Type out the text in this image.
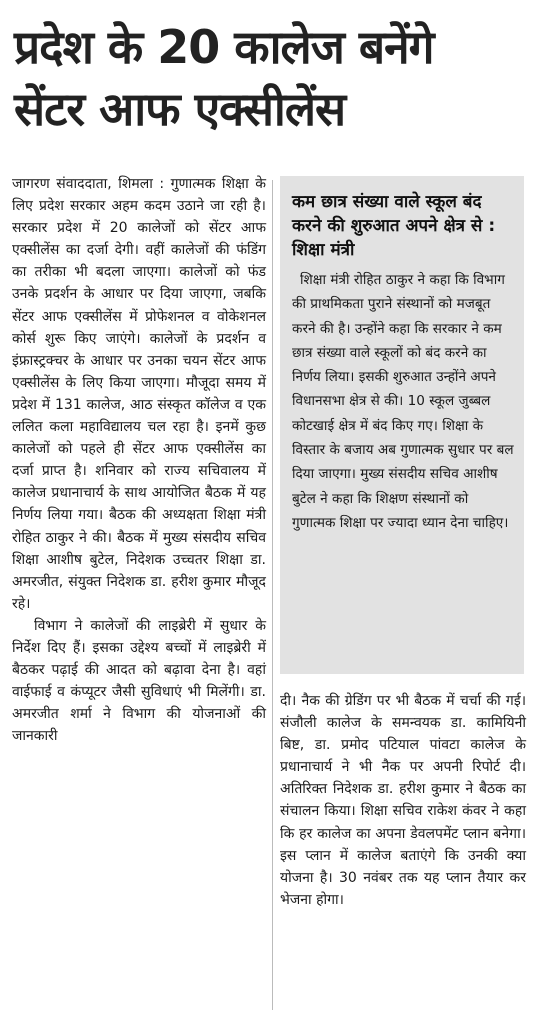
प्रदेश के 20 कालेज बनेंगे
सेंटर आफ एक्सीलेंस

जागरण संवाददाता, शिमला : गुणात्मक शिक्षा के लिए प्रदेश सरकार अहम कदम उठाने जा रही है। सरकार प्रदेश में 20 कालेजों को सेंटर आफ एक्सीलेंस का दर्जा देगी। वहीं कालेजों की फंडिंग का तरीका भी बदला जाएगा। कालेजों को फंड उनके प्रदर्शन के आधार पर दिया जाएगा, जबकि सेंटर आफ एक्सीलेंस में प्रोफेशनल व वोकेशनल कोर्स शुरू किए जाएंगे। कालेजों के प्रदर्शन व इंफ्रास्ट्रक्चर के आधार पर उनका चयन सेंटर आफ एक्सीलेंस के लिए किया जाएगा। मौजूदा समय में प्रदेश में 131 कालेज, आठ संस्कृत कॉलेज व एक ललित कला महाविद्यालय चल रहा है। इनमें कुछ कालेजों को पहले ही सेंटर आफ एक्सीलेंस का दर्जा प्राप्त है। शनिवार को राज्य सचिवालय में कालेज प्रधानाचार्य के साथ आयोजित बैठक में यह निर्णय लिया गया। बैठक की अध्यक्षता शिक्षा मंत्री रोहित ठाकुर ने की। बैठक में मुख्य संसदीय सचिव शिक्षा आशीष बुटेल, निदेशक उच्चतर शिक्षा डा. अमरजीत, संयुक्त निदेशक डा. हरीश कुमार मौजूद रहे।

विभाग ने कालेजों की लाइब्रेरी में सुधार के निर्देश दिए हैं। इसका उद्देश्य बच्चों में लाइब्रेरी में बैठकर पढ़ाई की आदत को बढ़ावा देना है। वहां वाईफाई व कंप्यूटर जैसी सुविधाएं भी मिलेंगी। डा. अमरजीत शर्मा ने विभाग की योजनाओं की जानकारी

कम छात्र संख्या वाले स्कूल बंद करने की शुरुआत अपने क्षेत्र से : शिक्षा मंत्री

शिक्षा मंत्री रोहित ठाकुर ने कहा कि विभाग की प्राथमिकता पुराने संस्थानों को मजबूत करने की है। उन्होंने कहा कि सरकार ने कम छात्र संख्या वाले स्कूलों को बंद करने का निर्णय लिया। इसकी शुरुआत उन्होंने अपने विधानसभा क्षेत्र से की। 10 स्कूल जुब्बल कोटखाई क्षेत्र में बंद किए गए। शिक्षा के विस्तार के बजाय अब गुणात्मक सुधार पर बल दिया जाएगा। मुख्य संसदीय सचिव आशीष बुटेल ने कहा कि शिक्षण संस्थानों को गुणात्मक शिक्षा पर ज्यादा ध्यान देना चाहिए।

दी। नैक की ग्रेडिंग पर भी बैठक में चर्चा की गई। संजौली कालेज के समन्वयक डा. कामियिनी बिष्ट, डा. प्रमोद पटियाल पांवटा कालेज के प्रधानाचार्य ने भी नैक पर अपनी रिपोर्ट दी। अतिरिक्त निदेशक डा. हरीश कुमार ने बैठक का संचालन किया। शिक्षा सचिव राकेश कंवर ने कहा कि हर कालेज का अपना डेवलपमेंट प्लान बनेगा। इस प्लान में कालेज बताएंगे कि उनकी क्या योजना है। 30 नवंबर तक यह प्लान तैयार कर भेजना होगा।
